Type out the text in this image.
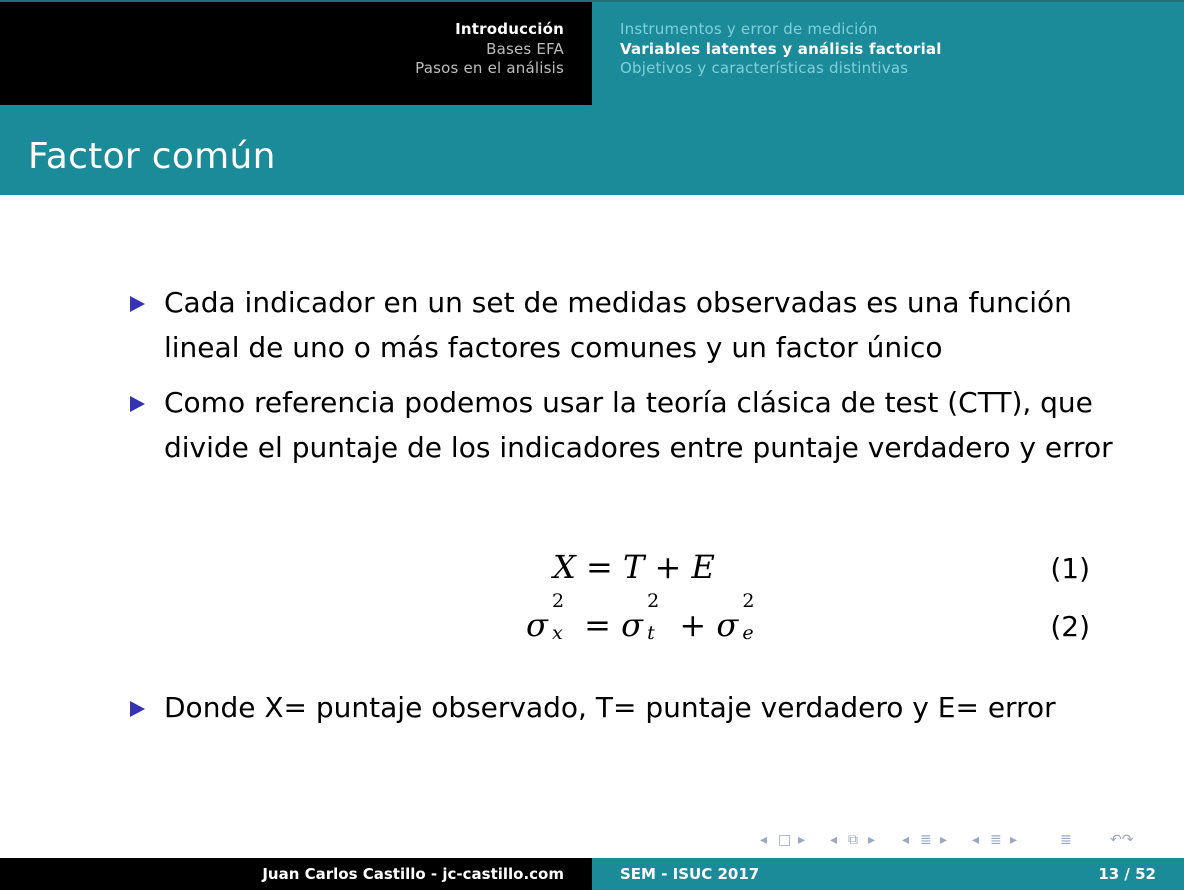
Introducción
Bases EFA
Pasos en el análisis
Instrumentos y error de medición
Variables latentes y análisis factorial
Objetivos y características distintivas
Factor común
Cada indicador en un set de medidas observadas es una función lineal de uno o más factores comunes y un factor único
Como referencia podemos usar la teoría clásica de test (CTT), que divide el puntaje de los indicadores entre puntaje verdadero y error
Donde X= puntaje observado, T= puntaje verdadero y E= error
X = T + E	(1)
σ
2
x = σ
2
t + σ
2
e	(2)
◂ □ ▸ ◂ ⧉ ▸ ◂ ≣ ▸ ◂ ≣ ▸	≣	↶↷
Juan Carlos Castillo - jc-castillo.com	SEM - ISUC 2017	13 / 52
